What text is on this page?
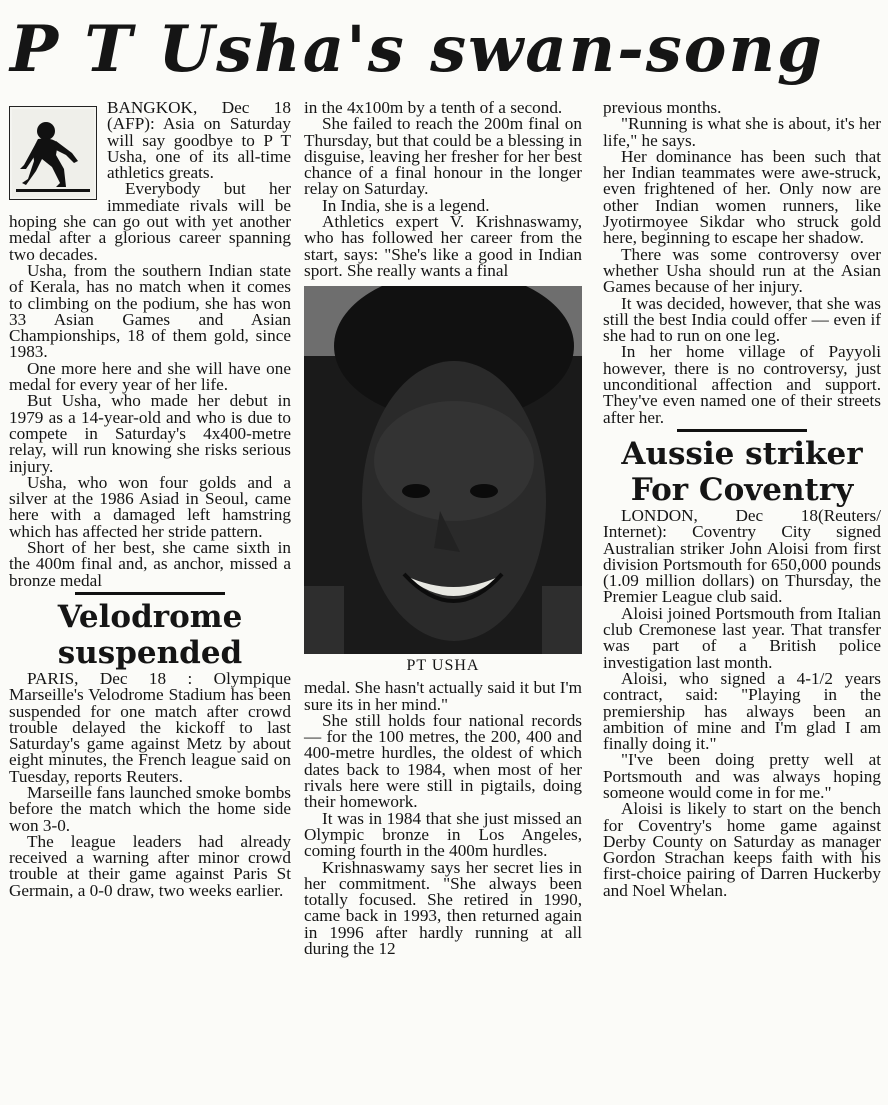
P T Usha's swan-song

BANGKOK, Dec 18 (AFP): Asia on Saturday will say goodbye to P T Usha, one of its all-time athletics greats.

Everybody but her immediate rivals will be hoping she can go out with yet another medal after a glorious career spanning two decades.

Usha, from the southern Indian state of Kerala, has no match when it comes to climbing on the podium, she has won 33 Asian Games and Asian Championships, 18 of them gold, since 1983.

One more here and she will have one medal for every year of her life.

But Usha, who made her debut in 1979 as a 14-year-old and who is due to compete in Saturday's 4x400-metre relay, will run knowing she risks serious injury.

Usha, who won four golds and a silver at the 1986 Asiad in Seoul, came here with a damaged left hamstring which has affected her stride pattern.

Short of her best, she came sixth in the 400m final and, as anchor, missed a bronze medal

Velodrome suspended

PARIS, Dec 18 : Olympique Marseille's Velodrome Stadium has been suspended for one match after crowd trouble delayed the kickoff to last Saturday's game against Metz by about eight minutes, the French league said on Tuesday, reports Reuters.

Marseille fans launched smoke bombs before the match which the home side won 3-0.

The league leaders had already received a warning after minor crowd trouble at their game against Paris St Germain, a 0-0 draw, two weeks earlier.

in the 4x100m by a tenth of a second.

She failed to reach the 200m final on Thursday, but that could be a blessing in disguise, leaving her fresher for her best chance of a final honour in the longer relay on Saturday.

In India, she is a legend.

Athletics expert V. Krishnaswamy, who has followed her career from the start, says: "She's like a good in Indian sport. She really wants a final

PT USHA

medal. She hasn't actually said it but I'm sure its in her mind."

She still holds four national records — for the 100 metres, the 200, 400 and 400-metre hurdles, the oldest of which dates back to 1984, when most of her rivals here were still in pigtails, doing their homework.

It was in 1984 that she just missed an Olympic bronze in Los Angeles, coming fourth in the 400m hurdles.

Krishnaswamy says her secret lies in her commitment. "She always been totally focused. She retired in 1990, came back in 1993, then returned again in 1996 after hardly running at all during the 12

previous months.

"Running is what she is about, it's her life," he says.

Her dominance has been such that her Indian teammates were awe-struck, even frightened of her. Only now are other Indian women runners, like Jyotirmoyee Sikdar who struck gold here, beginning to escape her shadow.

There was some controversy over whether Usha should run at the Asian Games because of her injury.

It was decided, however, that she was still the best India could offer — even if she had to run on one leg.

In her home village of Payyoli however, there is no controversy, just unconditional affection and support. They've even named one of their streets after her.

Aussie striker
For Coventry

LONDON, Dec 18(Reuters/ Internet): Coventry City signed Australian striker John Aloisi from first division Portsmouth for 650,000 pounds (1.09 million dollars) on Thursday, the Premier League club said.

Aloisi joined Portsmouth from Italian club Cremonese last year. That transfer was part of a British police investigation last month.

Aloisi, who signed a 4-1/2 years contract, said: "Playing in the premiership has always been an ambition of mine and I'm glad I am finally doing it."

"I've been doing pretty well at Portsmouth and was always hoping someone would come in for me."

Aloisi is likely to start on the bench for Coventry's home game against Derby County on Saturday as manager Gordon Strachan keeps faith with his first-choice pairing of Darren Huckerby and Noel Whelan.
